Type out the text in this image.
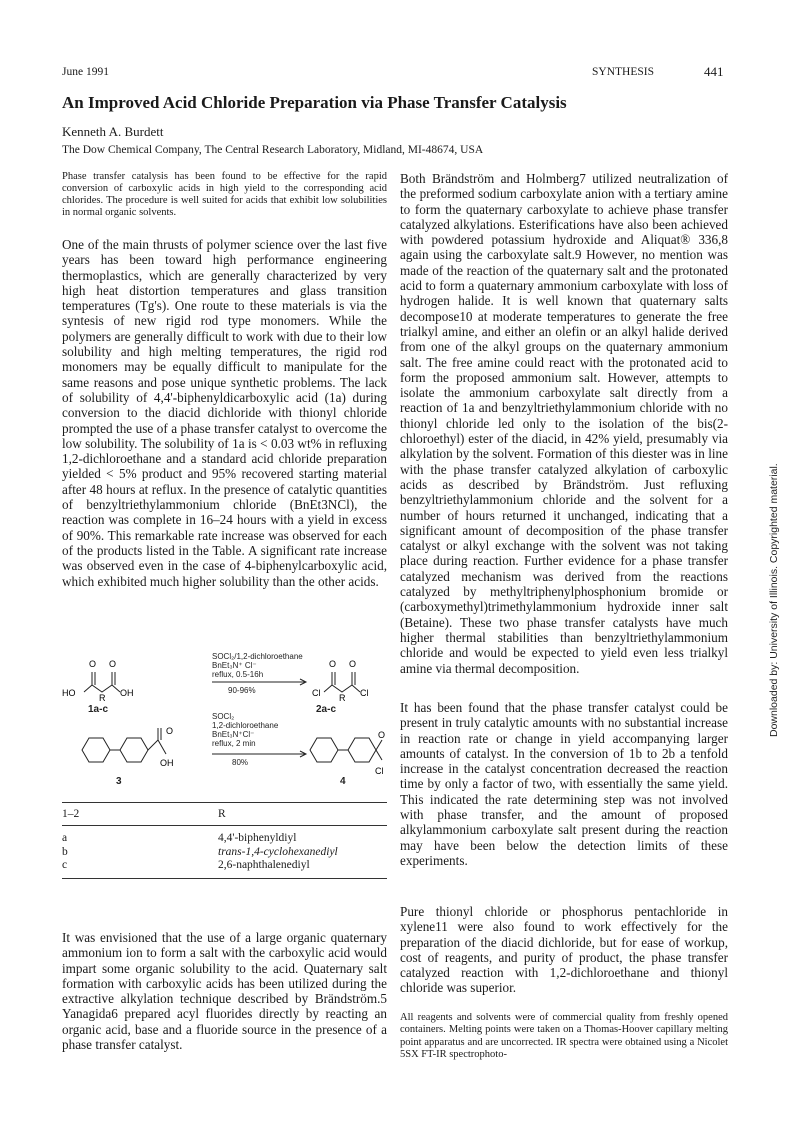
June 1991	SYNTHESIS	441
An Improved Acid Chloride Preparation via Phase Transfer Catalysis
Kenneth A. Burdett
The Dow Chemical Company, The Central Research Laboratory, Midland, MI-48674, USA

Phase transfer catalysis has been found to be effective for the rapid conversion of carboxylic acids in high yield to the corresponding acid chlorides. The procedure is well suited for acids that exhibit low solubilities in normal organic solvents.

One of the main thrusts of polymer science over the last five years has been toward high performance engineering thermoplastics, which are generally characterized by very high heat distortion temperatures and glass transition temperatures (Tg's). One route to these materials is via the syntesis of new rigid rod type monomers. While the polymers are generally difficult to work with due to their low solubility and high melting temperatures, the rigid rod monomers may be equally difficult to manipulate for the same reasons and pose unique synthetic problems. The lack of solubility of 4,4'-biphenyldicarboxylic acid (1a) during conversion to the diacid dichloride with thionyl chloride prompted the use of a phase transfer catalyst to overcome the low solubility. The solubility of 1a is < 0.03 wt% in refluxing 1,2-dichloroethane and a standard acid chloride preparation yielded < 5% product and 95% recovered starting material after 48 hours at reflux. In the presence of catalytic quantities of benzyltriethylammonium chloride (BnEt3NCl), the reaction was complete in 16–24 hours with a yield in excess of 90%. This remarkable rate increase was observed for each of the products listed in the Table. A significant rate increase was observed even in the case of 4-biphenylcarboxylic acid, which exhibited much higher solubility than the other acids.

O O
HO	R OH
O O
Cl R Cl
SOCl₂/1,2-dichloroethane
BnEt₃N⁺ Cl⁻
reflux, 0.5-16h
90-96%
1a-c	2a-c
O
OH
O
Cl
SOCl₂
1,2-dichloroethane
BnEt₃N⁺Cl⁻
reflux, 2 min
80%
3	4
1–2	R
a	4,4'-biphenyldiyl
b	trans-1,4-cyclohexanediyl
c	2,6-naphthalenediyl

It was envisioned that the use of a large organic quaternary ammonium ion to form a salt with the carboxylic acid would impart some organic solubility to the acid. Quaternary salt formation with carboxylic acids has been utilized during the extractive alkylation technique described by Brändström.5 Yanagida6 prepared acyl fluorides directly by reacting an organic acid, base and a fluoride source in the presence of a phase transfer catalyst.

Both Brändström and Holmberg7 utilized neutralization of the preformed sodium carboxylate anion with a tertiary amine to form the quaternary carboxylate to achieve phase transfer catalyzed alkylations. Esterifications have also been achieved with powdered potassium hydroxide and Aliquat® 336,8 again using the carboxylate salt.9 However, no mention was made of the reaction of the quaternary salt and the protonated acid to form a quaternary ammonium carboxylate with loss of hydrogen halide. It is well known that quaternary salts decompose10 at moderate temperatures to generate the free trialkyl amine, and either an olefin or an alkyl halide derived from one of the alkyl groups on the quaternary ammonium salt. The free amine could react with the protonated acid to form the proposed ammonium salt. However, attempts to isolate the ammonium carboxylate salt directly from a reaction of 1a and benzyltriethylammonium chloride with no thionyl chloride led only to the isolation of the bis(2-chloroethyl) ester of the diacid, in 42% yield, presumably via alkylation by the solvent. Formation of this diester was in line with the phase transfer catalyzed alkylation of carboxylic acids as described by Brändström. Just refluxing benzyltriethylammonium chloride and the solvent for a number of hours returned it unchanged, indicating that a significant amount of decomposition of the phase transfer catalyst or alkyl exchange with the solvent was not taking place during reaction. Further evidence for a phase transfer catalyzed mechanism was derived from the reactions catalyzed by methyltriphenylphosphonium bromide or (carboxymethyl)trimethylammonium hydroxide inner salt (Betaine). These two phase transfer catalysts have much higher thermal stabilities than benzyltriethylammonium chloride and would be expected to yield even less trialkyl amine via thermal decomposition.

It has been found that the phase transfer catalyst could be present in truly catalytic amounts with no substantial increase in reaction rate or change in yield accompanying larger amounts of catalyst. In the conversion of 1b to 2b a tenfold increase in the catalyst concentration decreased the reaction time by only a factor of two, with essentially the same yield. This indicated the rate determining step was not involved with phase transfer, and the amount of proposed alkylammonium carboxylate salt present during the reaction may have been below the detection limits of these experiments.

Pure thionyl chloride or phosphorus pentachloride in xylene11 were also found to work effectively for the preparation of the diacid dichloride, but for ease of workup, cost of reagents, and purity of product, the phase transfer catalyzed reaction with 1,2-dichloroethane and thionyl chloride was superior.

All reagents and solvents were of commercial quality from freshly opened containers. Melting points were taken on a Thomas-Hoover capillary melting point apparatus and are uncorrected. IR spectra were obtained using a Nicolet 5SX FT-IR spectrophoto-

Downloaded by: University of Illinois. Copyrighted material.
